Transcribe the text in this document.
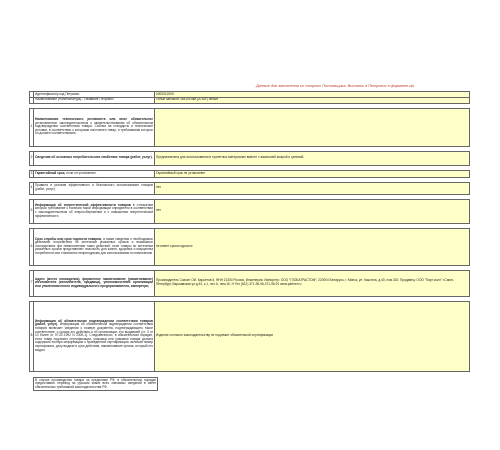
Данные для заполнения со стороны Поставщика. Выслать в Петрович в формате.zip
	Идентификатор код Петрович	0000012000
	Наименование (Номенклатура) - Название Петрович	Голые запчасти 16х100 мм (20 шт.) белые

1	Наименование технического регламента или иное обязательное установленное законодательством о свидетельствовании об обязательном подтверждении соответствия товара. Ссылки на стандарты и технические условия, в соответствии с которыми изготовлен товар, и требованиям которых он должен соответствовать.	

2	Сведения об основных потребительских свойствах товара (работ, услуг).	Предназначена для использования в туалетных материалах вместе с вакансией мокрой и целевой.

3	Гарантийный срок, если он установлен:	Гарантийный срок не установлен

4	Правила и условия эффективного и безопасного использования товаров (работ, услуг)	нет

5	Информация об энергетической эффективности товаров в отношении которых требование о наличии такой информации определено в соответствии с законодательством об энергосбережении и о повышении энергетической эффективности	нет

6	Срок службы или срок годности товаров, а также сведения о необходимых действиях потребителя по истечении указанных сроков и возможных последствиях при невыполнении таких действий, если товары по истечении указанных сроков представляют опасность для жизни, здоровья и имущества потребителя или становятся непригодными для использования по назначению	не имеет срока годности

7	Адрес (место нахождения), фирменное наименование (наименование) изготовителя (исполнителя, продавца), уполномоченной организации или уполномоченного индивидуального предпринимателя, импортера;	Производитель Союзег ОИ. Карьетов 5, ФНН 21300 Россия, Инженерия. Импортер: ООО "ГЛОБАТРАСТОМ"; 220004 Беларусь, г. Минск, ул. Каштата, д.40, пом.302. Продавец: ООО "Парт ксил" г.Санкт-Петербург, Варшавская ул.д.51, к.1, лит А, пом.16, Н Тел (812) 371-96-96,371-96-91 www.parfner.ru

8	Информация об обязательном подтверждении соответствия товаров (работ, услуг). Информация об обязательном подтверждении соответствия товаров включает сведения о номере документа, подтверждающего такое соответствие, о сроках его действия и об организации, его выдавшей (ст. 3 от 10 более от 07.02.1992 N 2300-1). Следовательно, в обязательном порядке, если товар подлежит сертификации, упаковка или упаковка товара должна содержать полную информацию о проведенной сертификации, включая номер сертификата, дату выдачи и срок действия, наименование органа, который его выдал.	Изделие согласно законодательству не подлежит обязательной сертификации
В случае производства товара за пределами РФ, в обязательном порядке предоставить перевод на русском языке всех значимых сведений в свете обязательных требований законодательства РФ.
